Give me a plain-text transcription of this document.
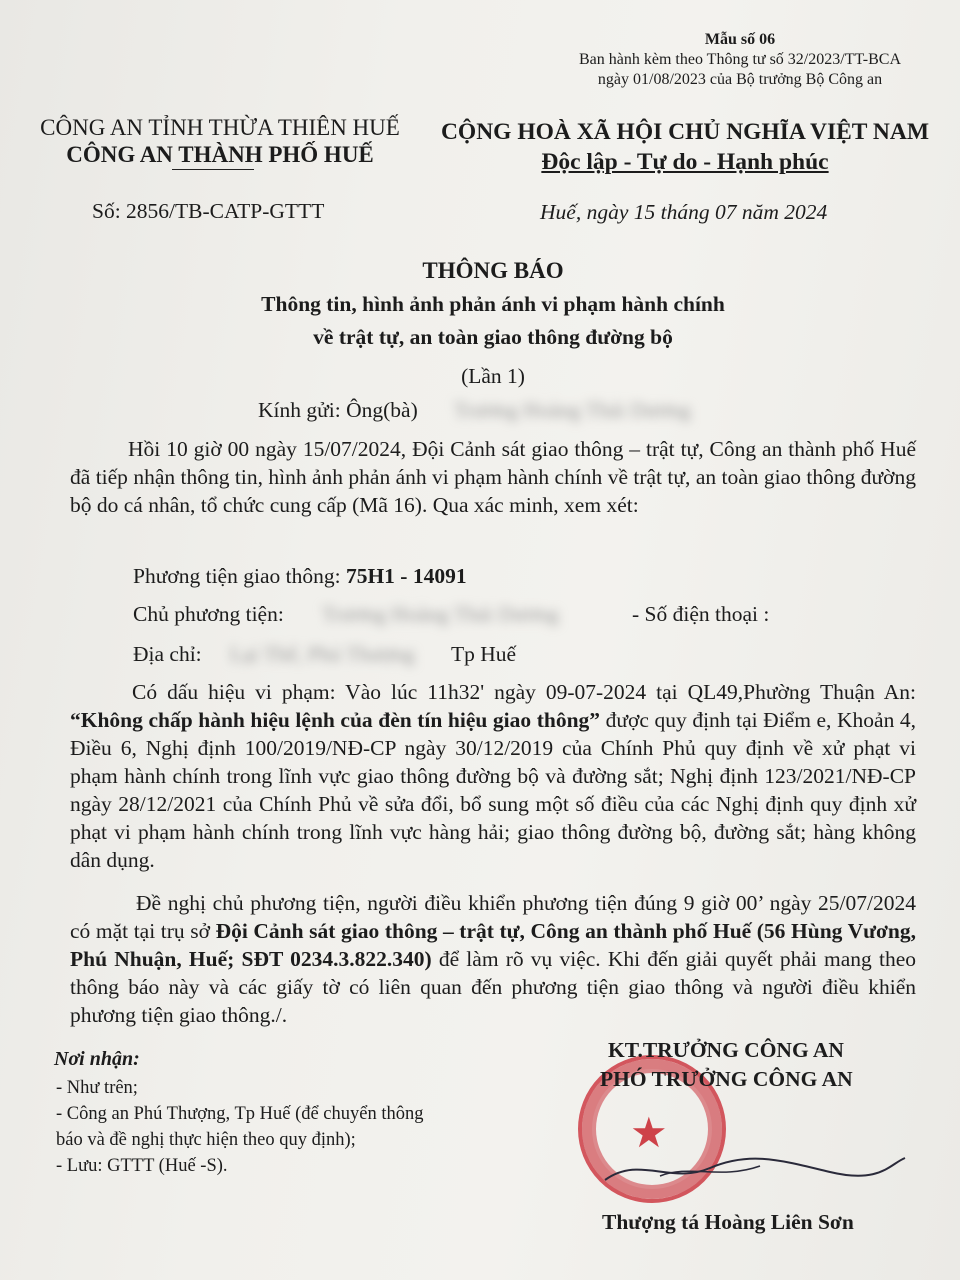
Mẫu số 06
Ban hành kèm theo Thông tư số 32/2023/TT-BCA
ngày 01/08/2023 của Bộ trưởng Bộ Công an
CÔNG AN TỈNH THỪA THIÊN HUẾ
CÔNG AN THÀNH PHỐ HUẾ
CỘNG HOÀ XÃ HỘI CHỦ NGHĨA VIỆT NAM
Độc lập - Tự do - Hạnh phúc
Số: 2856/TB-CATP-GTTT	Huế, ngày 15 tháng 07 năm 2024
THÔNG BÁO
Thông tin, hình ảnh phản ánh vi phạm hành chính
về trật tự, an toàn giao thông đường bộ
(Lần 1)
Kính gửi: Ông(bà) Trương Hoàng Thái Dương

Hồi 10 giờ 00 ngày 15/07/2024, Đội Cảnh sát giao thông – trật tự, Công an thành phố Huế đã tiếp nhận thông tin, hình ảnh phản ánh vi phạm hành chính về trật tự, an toàn giao thông đường bộ do cá nhân, tổ chức cung cấp (Mã 16). Qua xác minh, xem xét:

Phương tiện giao thông: 75H1 - 14091
Chủ phương tiện: Trương Hoàng Thái Dương	- Số điện thoại :
Địa chỉ: Lại Thế, Phú Thượng Tp Huế

Có dấu hiệu vi phạm: Vào lúc 11h32' ngày 09-07-2024 tại QL49,Phường Thuận An: “Không chấp hành hiệu lệnh của đèn tín hiệu giao thông” được quy định tại Điểm e, Khoản 4, Điều 6, Nghị định 100/2019/NĐ-CP ngày 30/12/2019 của Chính Phủ quy định về xử phạt vi phạm hành chính trong lĩnh vực giao thông đường bộ và đường sắt; Nghị định 123/2021/NĐ-CP ngày 28/12/2021 của Chính Phủ về sửa đổi, bổ sung một số điều của các Nghị định quy định xử phạt vi phạm hành chính trong lĩnh vực hàng hải; giao thông đường bộ, đường sắt; hàng không dân dụng.

Đề nghị chủ phương tiện, người điều khiển phương tiện đúng 9 giờ 00’ ngày 25/07/2024 có mặt tại trụ sở Đội Cảnh sát giao thông – trật tự, Công an thành phố Huế (56 Hùng Vương, Phú Nhuận, Huế; SĐT 0234.3.822.340) để làm rõ vụ việc. Khi đến giải quyết phải mang theo thông báo này và các giấy tờ có liên quan đến phương tiện giao thông và người điều khiển phương tiện giao thông./.

Nơi nhận:
- Như trên;
- Công an Phú Thượng, Tp Huế (để chuyển thông
báo và đề nghị thực hiện theo quy định);
- Lưu: GTTT (Huế -S).
★
KT.TRƯỞNG CÔNG AN
PHÓ TRƯỞNG CÔNG AN
Thượng tá Hoàng Liên Sơn
